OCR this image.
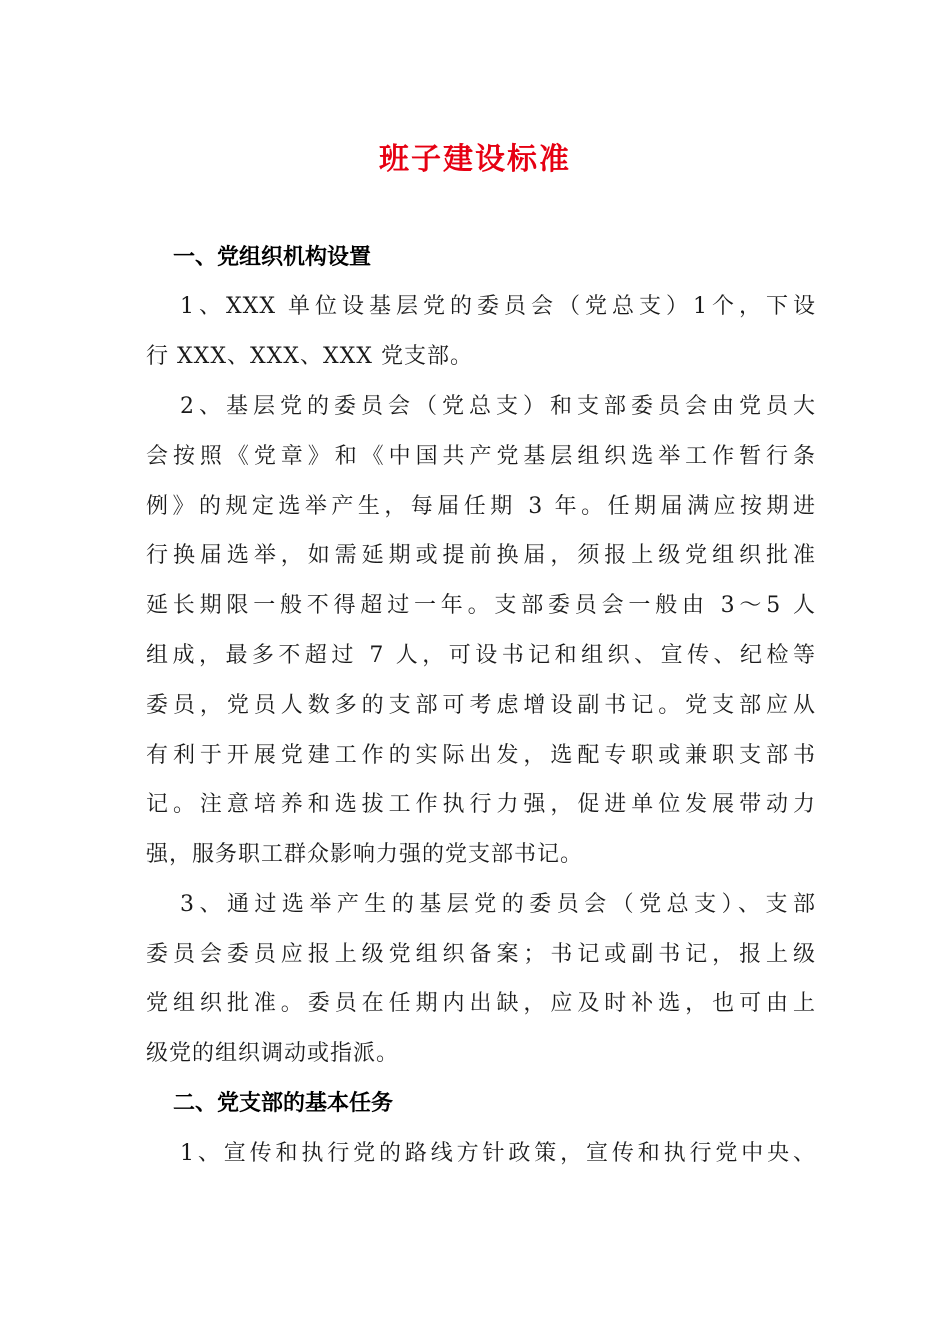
班子建设标准
一、党组织机构设置
1、XXX 单位设基层党的委员会（党总支）1个，下设
行 XXX、XXX、XXX 党支部。
2、基层党的委员会（党总支）和支部委员会由党员大
会按照《党章》和《中国共产党基层组织选举工作暂行条
例》的规定选举产生，每届任期 3 年。任期届满应按期进
行换届选举，如需延期或提前换届，须报上级党组织批准
延长期限一般不得超过一年。支部委员会一般由 3～5 人
组成，最多不超过 7 人，可设书记和组织、宣传、纪检等
委员，党员人数多的支部可考虑增设副书记。党支部应从
有利于开展党建工作的实际出发，选配专职或兼职支部书
记。注意培养和选拔工作执行力强，促进单位发展带动力
强，服务职工群众影响力强的党支部书记。
3、通过选举产生的基层党的委员会（党总支）、支部
委员会委员应报上级党组织备案；书记或副书记，报上级
党组织批准。委员在任期内出缺，应及时补选，也可由上
级党的组织调动或指派。
二、党支部的基本任务
1、宣传和执行党的路线方针政策，宣传和执行党中央、
